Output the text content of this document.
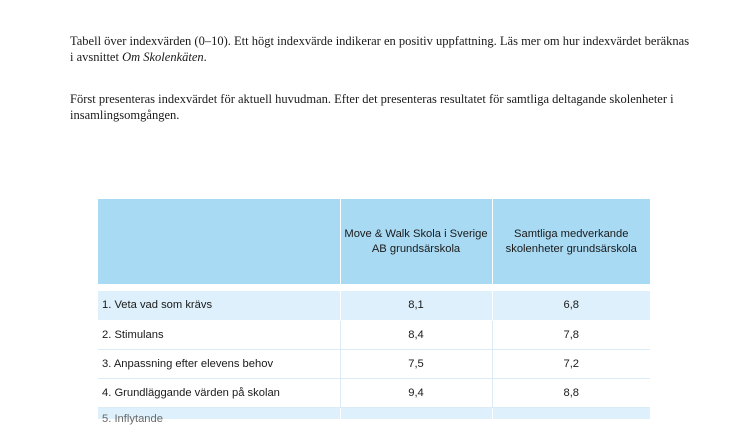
Tabell över indexvärden (0–10). Ett högt indexvärde indikerar en positiv uppfattning. Läs mer om hur indexvärdet beräknas i avsnittet Om Skolenkäten.

Först presenteras indexvärdet för aktuell huvudman. Efter det presenteras resultatet för samtliga deltagande skolenheter i insamlingsomgången.

	Move & Walk Skola i Sverige AB grundsärskola	Samtliga medverkande skolenheter grundsärskola

1. Veta vad som krävs	8,1	6,8
2. Stimulans	8,4	7,8
3. Anpassning efter elevens behov	7,5	7,2
4. Grundläggande värden på skolan	9,4	8,8

5. Inflytande		
